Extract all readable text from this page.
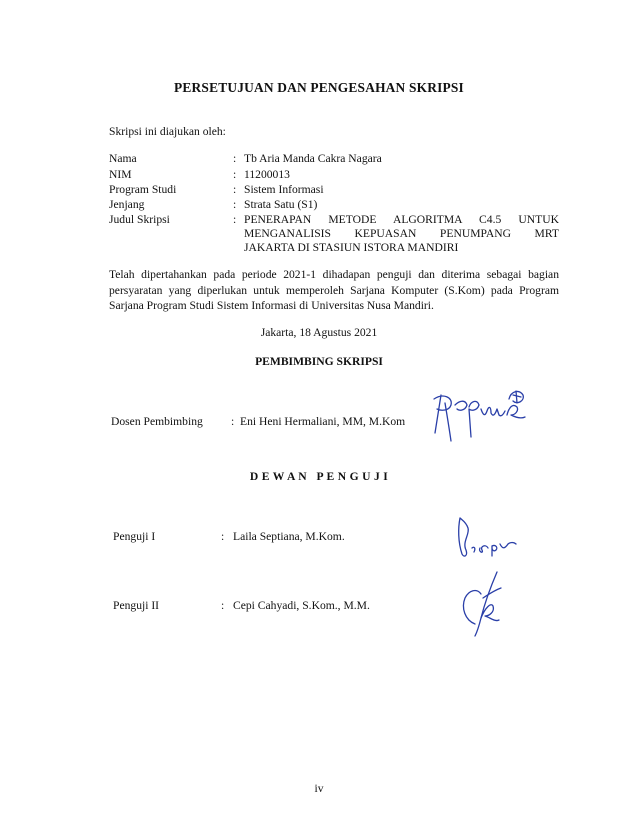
PERSETUJUAN DAN PENGESAHAN SKRIPSI
Skripsi ini diajukan oleh:
Nama	: Tb Aria Manda Cakra Nagara
NIM	: 11200013
Program Studi	: Sistem Informasi
Jenjang	: Strata Satu (S1)
Judul Skripsi	: PENERAPAN METODE ALGORITMA C4.5 UNTUK
MENGANALISIS KEPUASAN PENUMPANG MRT
JAKARTA DI STASIUN ISTORA MANDIRI
Telah dipertahankan pada periode 2021-1 dihadapan penguji dan diterima sebagai bagian persyaratan yang diperlukan untuk memperoleh Sarjana Komputer (S.Kom) pada Program Sarjana Program Studi Sistem Informasi di Universitas Nusa Mandiri.
Jakarta, 18 Agustus 2021
PEMBIMBING SKRIPSI
Dosen Pembimbing : Eni Heni Hermaliani, MM, M.Kom
D E W A N   P E N G U J I
Penguji I	: Laila Septiana, M.Kom.
Penguji II	: Cepi Cahyadi, S.Kom., M.M.
iv
